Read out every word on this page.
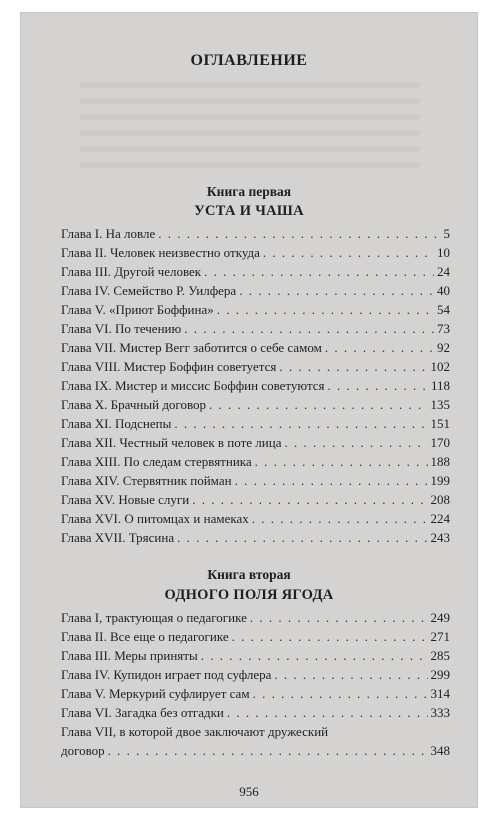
ОГЛАВЛЕНИЕ
Книга первая
УСТА И ЧАША
Глава I. На ловле . . .	5
Глава II. Человек неизвестно откуда . . .	10
Глава III. Другой человек . . .	24
Глава IV. Семейство Р. Уилфера . . .	40
Глава V. «Приют Боффина» . . .	54
Глава VI. По течению . . .	73
Глава VII. Мистер Вегг заботится о себе самом . . .	92
Глава VIII. Мистер Боффин советуется . . .	102
Глава IX. Мистер и миссис Боффин советуются . . .	118
Глава X. Брачный договор . . .	135
Глава XI. Подснепы . . .	151
Глава XII. Честный человек в поте лица . . .	170
Глава XIII. По следам стервятника . . .	188
Глава XIV. Стервятник пойман . . .	199
Глава XV. Новые слуги . . .	208
Глава XVI. О питомцах и намеках . . .	224
Глава XVII. Трясина . . .	243
Книга вторая
ОДНОГО ПОЛЯ ЯГОДА
Глава I, трактующая о педагогике . . .	249
Глава II. Все еще о педагогике . . .	271
Глава III. Меры приняты . . .	285
Глава IV. Купидон играет под суфлера . . .	299
Глава V. Меркурий суфлирует сам . . .	314
Глава VI. Загадка без отгадки . . .	333
Глава VII, в которой двое заключают дружеский
договор . . .	348
956
